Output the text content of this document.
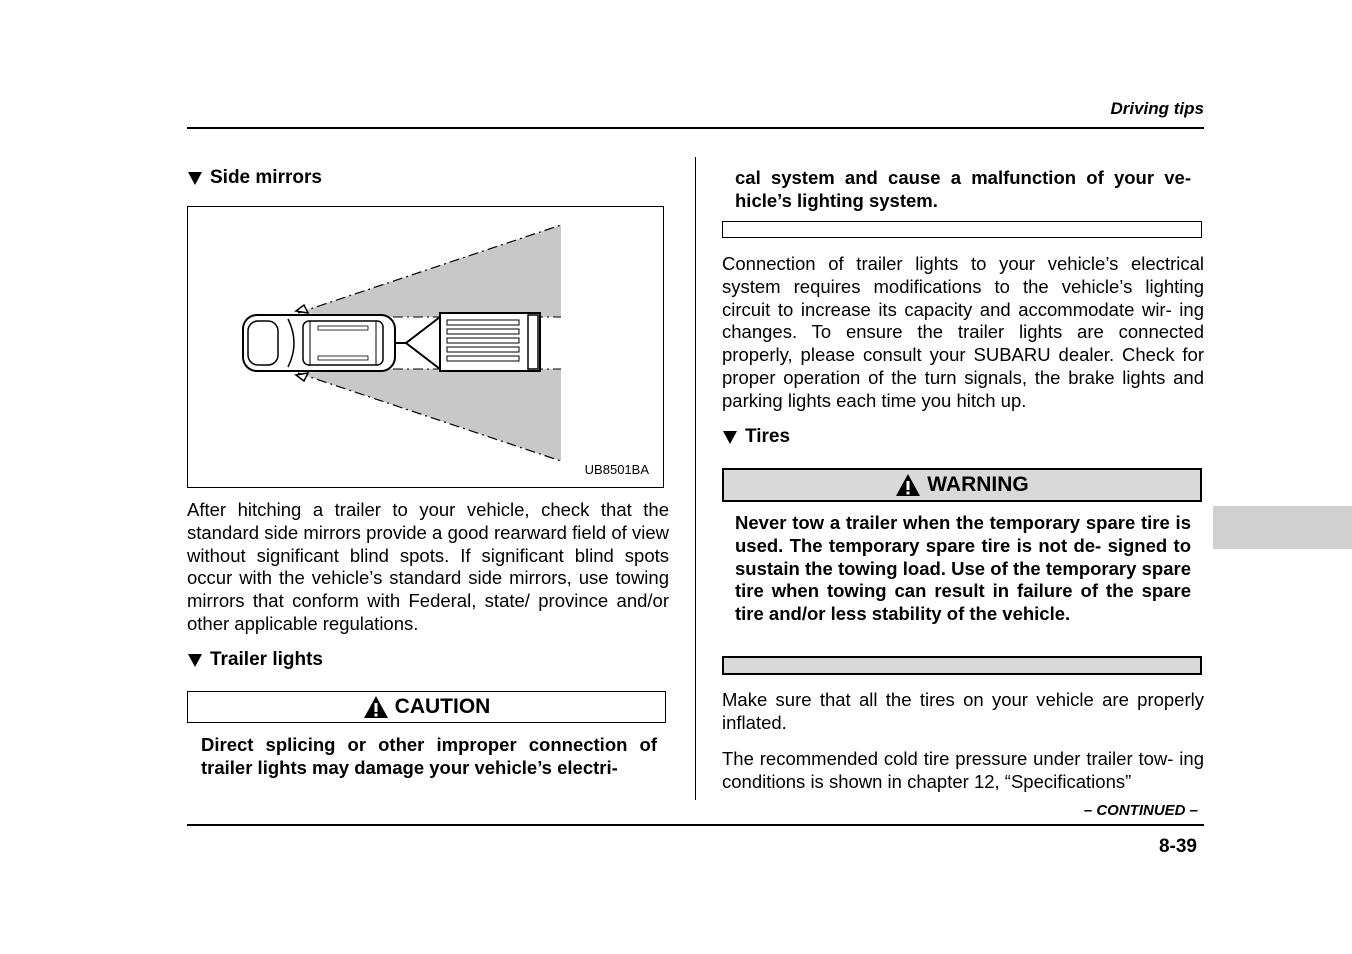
Driving tips
Side mirrors
UB8501BA
After hitching a trailer to your vehicle, check that the standard side mirrors provide a good rearward field of view without significant blind spots. If significant blind spots occur with the vehicle’s standard side mirrors, use towing mirrors that conform with Federal, state/ province and/or other applicable regulations.
Trailer lights
CAUTION
Direct splicing or other improper connection of trailer lights may damage your vehicle’s electri-
cal system and cause a malfunction of your ve- hicle’s lighting system.
Connection of trailer lights to your vehicle’s electrical system requires modifications to the vehicle’s lighting circuit to increase its capacity and accommodate wir- ing changes. To ensure the trailer lights are connected properly, please consult your SUBARU dealer. Check for proper operation of the turn signals, the brake lights and parking lights each time you hitch up.
Tires
WARNING
Never tow a trailer when the temporary spare tire is used. The temporary spare tire is not de- signed to sustain the towing load. Use of the temporary spare tire when towing can result in failure of the spare tire and/or less stability of the vehicle.
Make sure that all the tires on your vehicle are properly inflated.
The recommended cold tire pressure under trailer tow- ing conditions is shown in chapter 12, “Specifications”
– CONTINUED –
8-39
